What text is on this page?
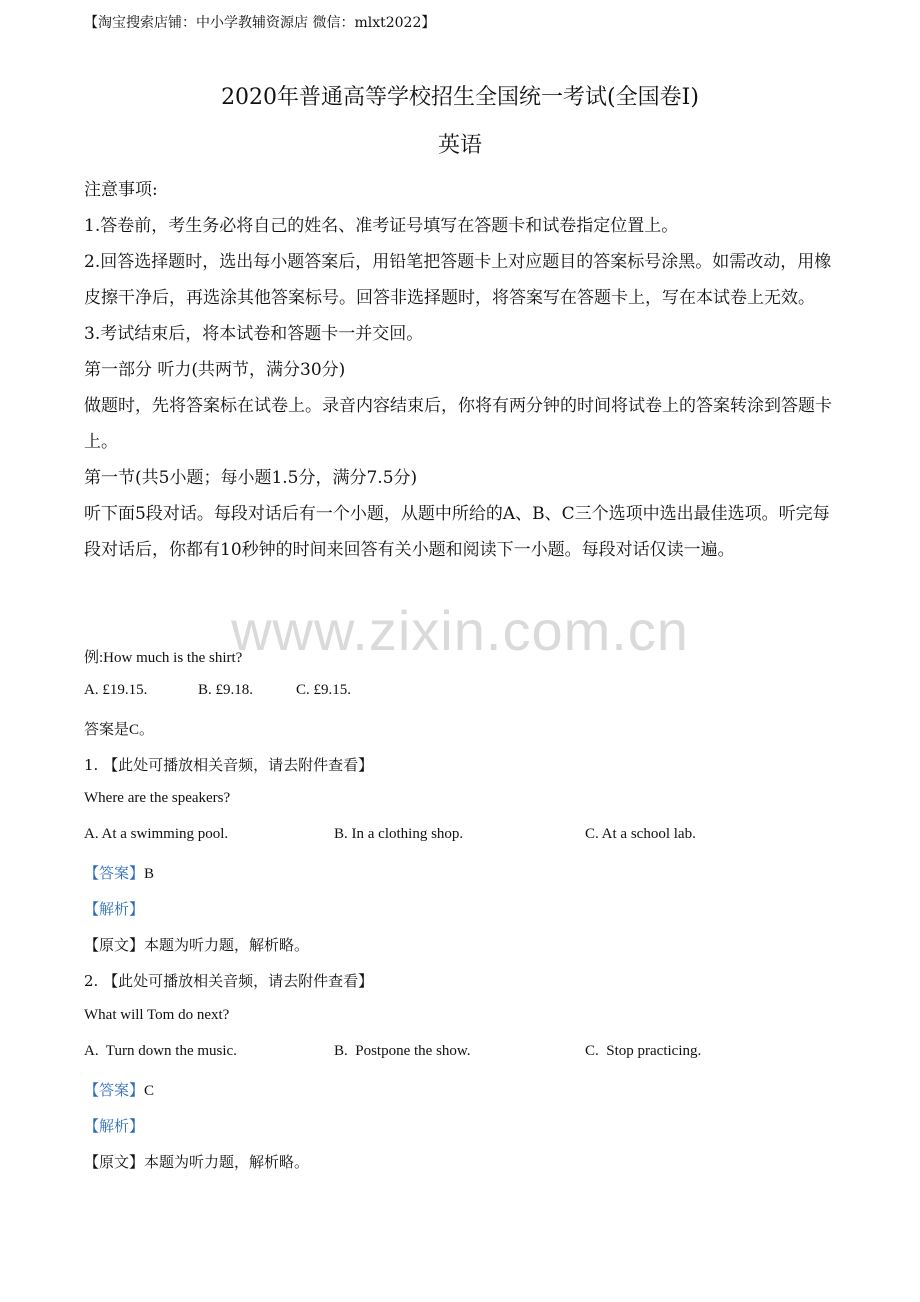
【淘宝搜索店铺：中小学教辅资源店 微信：mlxt2022】
2020年普通高等学校招生全国统一考试(全国卷I)
英语

注意事项:

1.答卷前，考生务必将自己的姓名、准考证号填写在答题卡和试卷指定位置上。

2.回答选择题时，选出每小题答案后，用铅笔把答题卡上对应题目的答案标号涂黑。如需改动，用橡皮擦干净后，再选涂其他答案标号。回答非选择题时，将答案写在答题卡上，写在本试卷上无效。

3.考试结束后，将本试卷和答题卡一并交回。

第一部分 听力(共两节，满分30分)

做题时，先将答案标在试卷上。录音内容结束后，你将有两分钟的时间将试卷上的答案转涂到答题卡上。

第一节(共5小题；每小题1.5分，满分7.5分)

听下面5段对话。每段对话后有一个小题，从题中所给的A、B、C三个选项中选出最佳选项。听完每段对话后，你都有10秒钟的时间来回答有关小题和阅读下一小题。每段对话仅读一遍。

www.zixin.com.cn
例:How much is the shirt?
A. £19.15.	B. £9.18.	C. £9.15.
答案是C。
1. 【此处可播放相关音频，请去附件查看】
Where are the speakers?
A. At a swimming pool.	B. In a clothing shop.	C. At a school lab.
【答案】B
【解析】
【原文】本题为听力题，解析略。
2. 【此处可播放相关音频，请去附件查看】
What will Tom do next?
A.  Turn down the music.	B.  Postpone the show.	C.  Stop practicing.
【答案】C
【解析】
【原文】本题为听力题，解析略。
